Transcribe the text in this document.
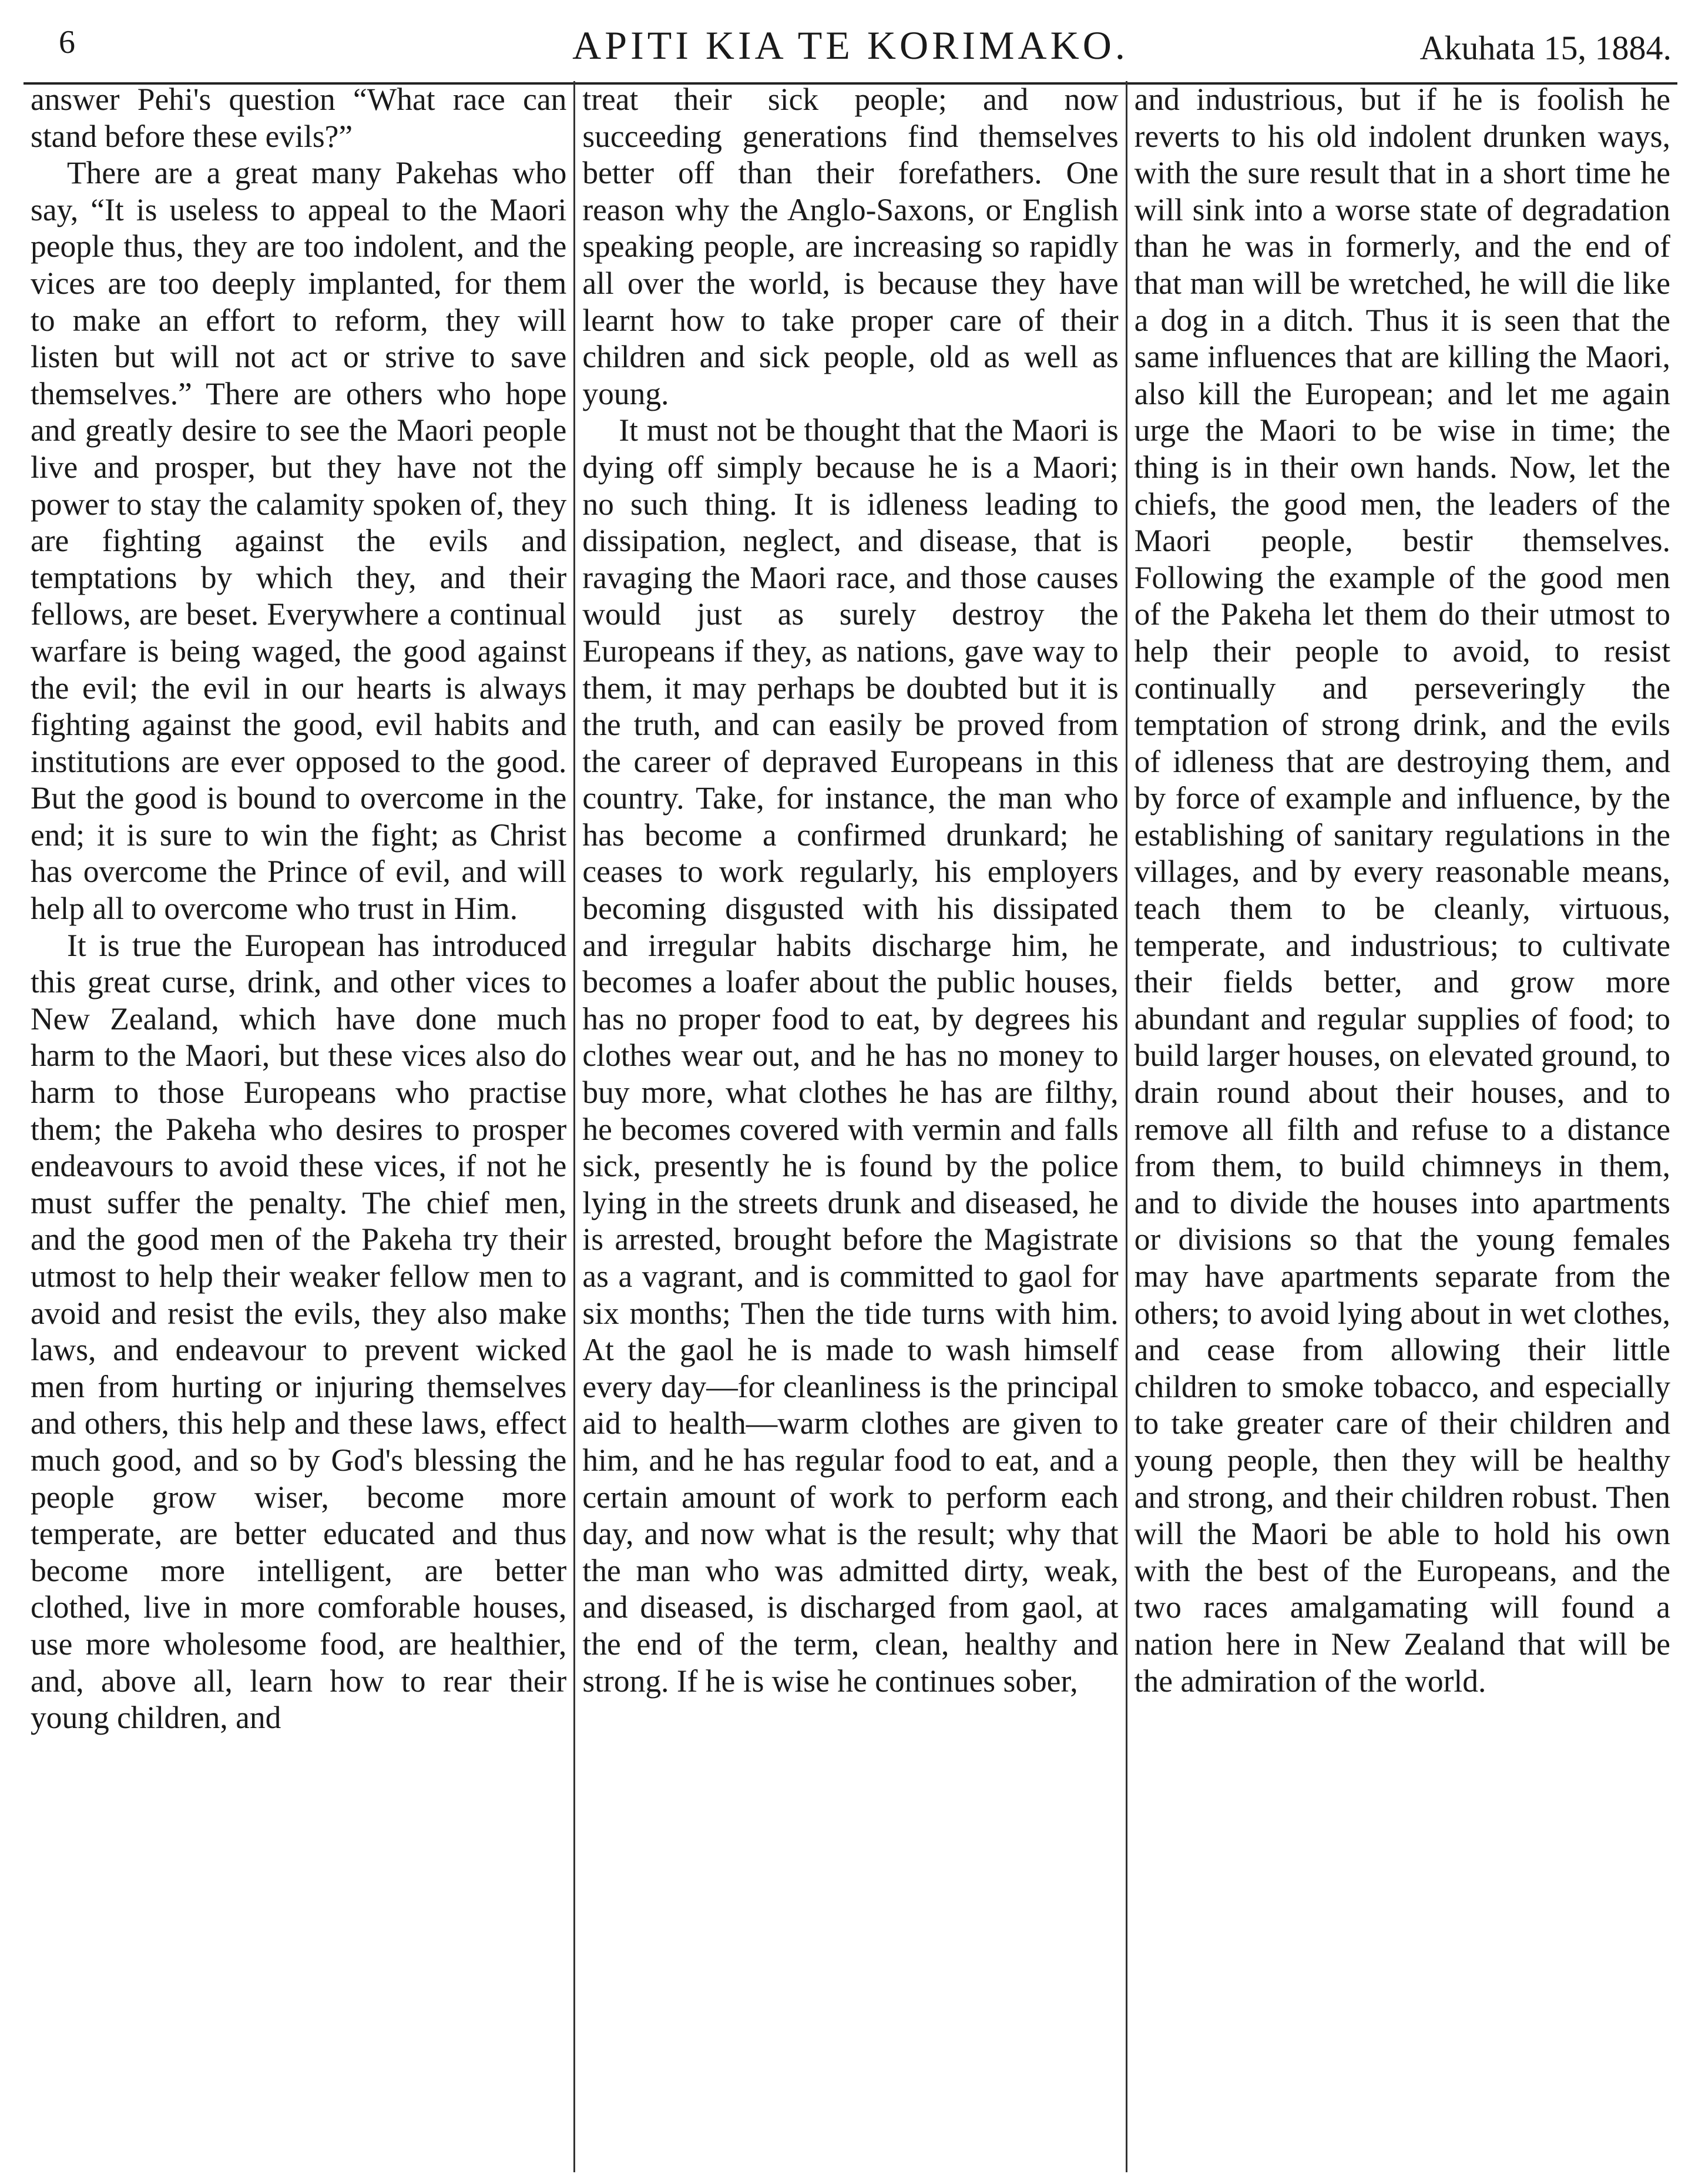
6	APITI KIA TE KORIMAKO.	Akuhata 15, 1884.

answer Pehi's question “What race can stand before these evils?”

There are a great many Pakehas who say, “It is useless to appeal to the Maori people thus, they are too indolent, and the vices are too deeply implanted, for them to make an effort to reform, they will listen but will not act or strive to save themselves.” There are others who hope and greatly desire to see the Maori people live and prosper, but they have not the power to stay the calamity spoken of, they are fighting against the evils and temptations by which they, and their fellows, are beset. Everywhere a continual warfare is being waged, the good against the evil; the evil in our hearts is always fighting against the good, evil habits and institutions are ever opposed to the good. But the good is bound to overcome in the end; it is sure to win the fight; as Christ has overcome the Prince of evil, and will help all to overcome who trust in Him.

It is true the European has introduced this great curse, drink, and other vices to New Zealand, which have done much harm to the Maori, but these vices also do harm to those Europeans who practise them; the Pakeha who desires to prosper endeavours to avoid these vices, if not he must suffer the penalty. The chief men, and the good men of the Pakeha try their utmost to help their weaker fellow men to avoid and resist the evils, they also make laws, and endeavour to prevent wicked men from hurting or injuring themselves and others, this help and these laws, effect much good, and so by God's blessing the people grow wiser, become more temperate, are better educated and thus become more intelligent, are better clothed, live in more comforable houses, use more wholesome food, are healthier, and, above all, learn how to rear their young children, and

treat their sick people; and now succeeding generations find themselves better off than their forefathers. One reason why the Anglo-Saxons, or English speaking people, are increasing so rapidly all over the world, is because they have learnt how to take proper care of their children and sick people, old as well as young.

It must not be thought that the Maori is dying off simply because he is a Maori; no such thing. It is idleness leading to dissipation, neglect, and disease, that is ravaging the Maori race, and those causes would just as surely destroy the Europeans if they, as nations, gave way to them, it may perhaps be doubted but it is the truth, and can easily be proved from the career of depraved Europeans in this country. Take, for instance, the man who has become a confirmed drunkard; he ceases to work regularly, his employers becoming disgusted with his dissipated and irregular habits discharge him, he becomes a loafer about the public houses, has no proper food to eat, by degrees his clothes wear out, and he has no money to buy more, what clothes he has are filthy, he becomes covered with vermin and falls sick, presently he is found by the police lying in the streets drunk and diseased, he is arrested, brought before the Magistrate as a vagrant, and is committed to gaol for six months; Then the tide turns with him. At the gaol he is made to wash himself every day—for cleanliness is the principal aid to health—warm clothes are given to him, and he has regular food to eat, and a certain amount of work to perform each day, and now what is the result; why that the man who was admitted dirty, weak, and diseased, is discharged from gaol, at the end of the term, clean, healthy and strong. If he is wise he continues sober,

and industrious, but if he is foolish he reverts to his old indolent drunken ways, with the sure result that in a short time he will sink into a worse state of degradation than he was in formerly, and the end of that man will be wretched, he will die like a dog in a ditch. Thus it is seen that the same influences that are killing the Maori, also kill the European; and let me again urge the Maori to be wise in time; the thing is in their own hands. Now, let the chiefs, the good men, the leaders of the Maori people, bestir themselves. Following the example of the good men of the Pakeha let them do their utmost to help their people to avoid, to resist continually and perseveringly the temptation of strong drink, and the evils of idleness that are destroying them, and by force of example and influence, by the establishing of sanitary regulations in the villages, and by every reasonable means, teach them to be cleanly, virtuous, temperate, and industrious; to cultivate their fields better, and grow more abundant and regular supplies of food; to build larger houses, on elevated ground, to drain round about their houses, and to remove all filth and refuse to a distance from them, to build chimneys in them, and to divide the houses into apartments or divisions so that the young females may have apartments separate from the others; to avoid lying about in wet clothes, and cease from allowing their little children to smoke tobacco, and especially to take greater care of their children and young people, then they will be healthy and strong, and their children robust. Then will the Maori be able to hold his own with the best of the Europeans, and the two races amalgamating will found a nation here in New Zealand that will be the admiration of the world.
